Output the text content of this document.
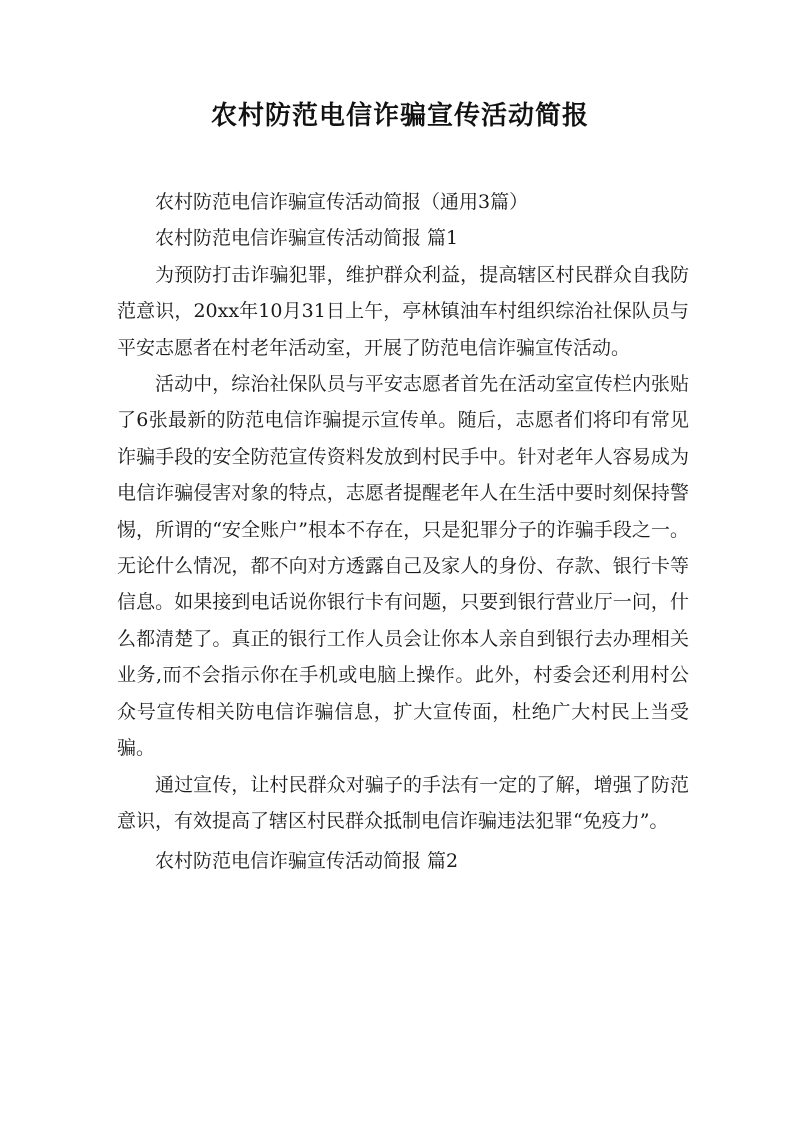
农村防范电信诈骗宣传活动简报

农村防范电信诈骗宣传活动简报（通用3篇）

农村防范电信诈骗宣传活动简报 篇1

为预防打击诈骗犯罪，维护群众利益，提高辖区村民群众自我防范意识，20xx年10月31日上午，亭林镇油车村组织综治社保队员与平安志愿者在村老年活动室，开展了防范电信诈骗宣传活动。

活动中，综治社保队员与平安志愿者首先在活动室宣传栏内张贴了6张最新的防范电信诈骗提示宣传单。随后，志愿者们将印有常见诈骗手段的安全防范宣传资料发放到村民手中。针对老年人容易成为电信诈骗侵害对象的特点，志愿者提醒老年人在生活中要时刻保持警惕，所谓的“安全账户”根本不存在，只是犯罪分子的诈骗手段之一。无论什么情况，都不向对方透露自己及家人的身份、存款、银行卡等信息。如果接到电话说你银行卡有问题，只要到银行营业厅一问，什么都清楚了。真正的银行工作人员会让你本人亲自到银行去办理相关业务,而不会指示你在手机或电脑上操作。此外，村委会还利用村公众号宣传相关防电信诈骗信息，扩大宣传面，杜绝广大村民上当受骗。

通过宣传，让村民群众对骗子的手法有一定的了解，增强了防范意识，有效提高了辖区村民群众抵制电信诈骗违法犯罪“免疫力”。

农村防范电信诈骗宣传活动简报 篇2
